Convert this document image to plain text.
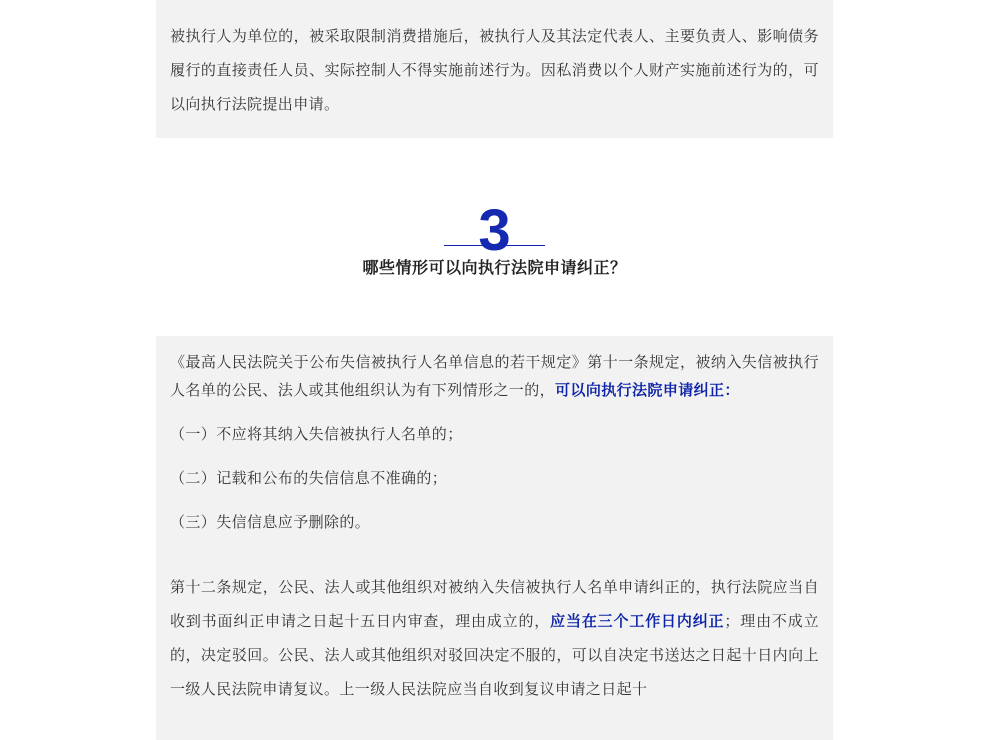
被执行人为单位的，被采取限制消费措施后，被执行人及其法定代表人、主要负责人、影响债务履行的直接责任人员、实际控制人不得实施前述行为。因私消费以个人财产实施前述行为的，可以向执行法院提出申请。

3
哪些情形可以向执行法院申请纠正？

《最高人民法院关于公布失信被执行人名单信息的若干规定》第十一条规定，被纳入失信被执行人名单的公民、法人或其他组织认为有下列情形之一的，可以向执行法院申请纠正：

（一）不应将其纳入失信被执行人名单的；

（二）记载和公布的失信信息不准确的；

（三）失信信息应予删除的。

第十二条规定，公民、法人或其他组织对被纳入失信被执行人名单申请纠正的，执行法院应当自收到书面纠正申请之日起十五日内审查，理由成立的，应当在三个工作日内纠正；理由不成立的，决定驳回。公民、法人或其他组织对驳回决定不服的，可以自决定书送达之日起十日内向上一级人民法院申请复议。上一级人民法院应当自收到复议申请之日起十
